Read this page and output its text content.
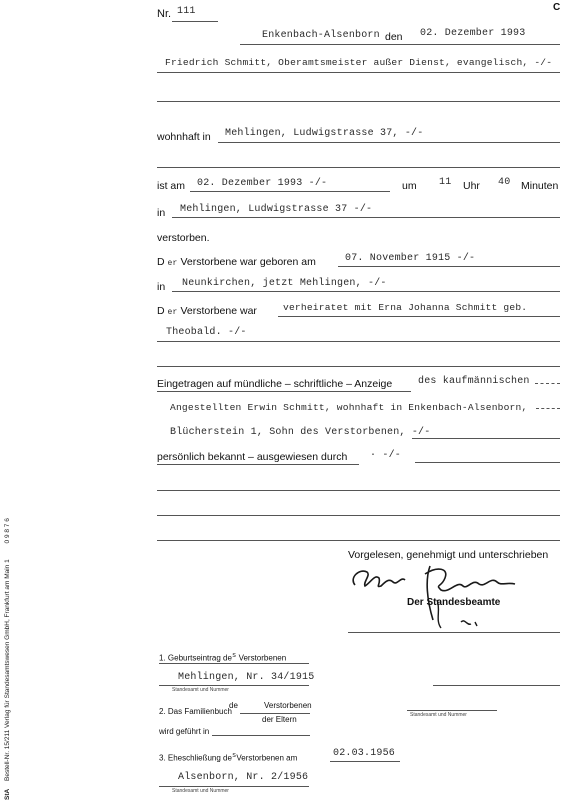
Nr. 111	C
Enkenbach-Alsenborn den 02. Dezember 1993
Friedrich Schmitt, Oberamtsmeister außer Dienst, evangelisch, -/-
wohnhaft in Mehlingen, Ludwigstrasse 37, -/-
ist am 02. Dezember 1993 -/-	um 11 Uhr 40 Minuten
in Mehlingen, Ludwigstrasse 37 -/-
verstorben.
D er Verstorbene war geboren am	07. November 1915 -/-
in Neunkirchen, jetzt Mehlingen, -/-
D er Verstorbene war	verheiratet mit Erna Johanna Schmitt geb.
Theobald. -/-
Eingetragen auf mündliche – schriftliche – Anzeige	des kaufmännischen
Angestellten Erwin Schmitt, wohnhaft in Enkenbach-Alsenborn,
Blücherstein 1, Sohn des Verstorbenen, -/-
persönlich bekannt – ausgewiesen durch · -/-
Vorgelesen, genehmigt und unterschrieben
Der Standesbeamte
1. Geburtseintrag $de^s$ Verstorbenen
Mehlingen, Nr. 34/1915
Standesamt und Nummer
2. Das Familienbuch
de	Verstorbenen
der Eltern
wird geführt in
Standesamt und Nummer
3. Eheschließung $de^sVerstorbenen$ am	02.03.1956
Alsenborn, Nr. 2/1956
Standesamt und Nummer
StA Bestell-Nr. 15/211 Verlag für Standesamtswesen GmbH, Frankfurt am Main 1 0 9 8 7 6
